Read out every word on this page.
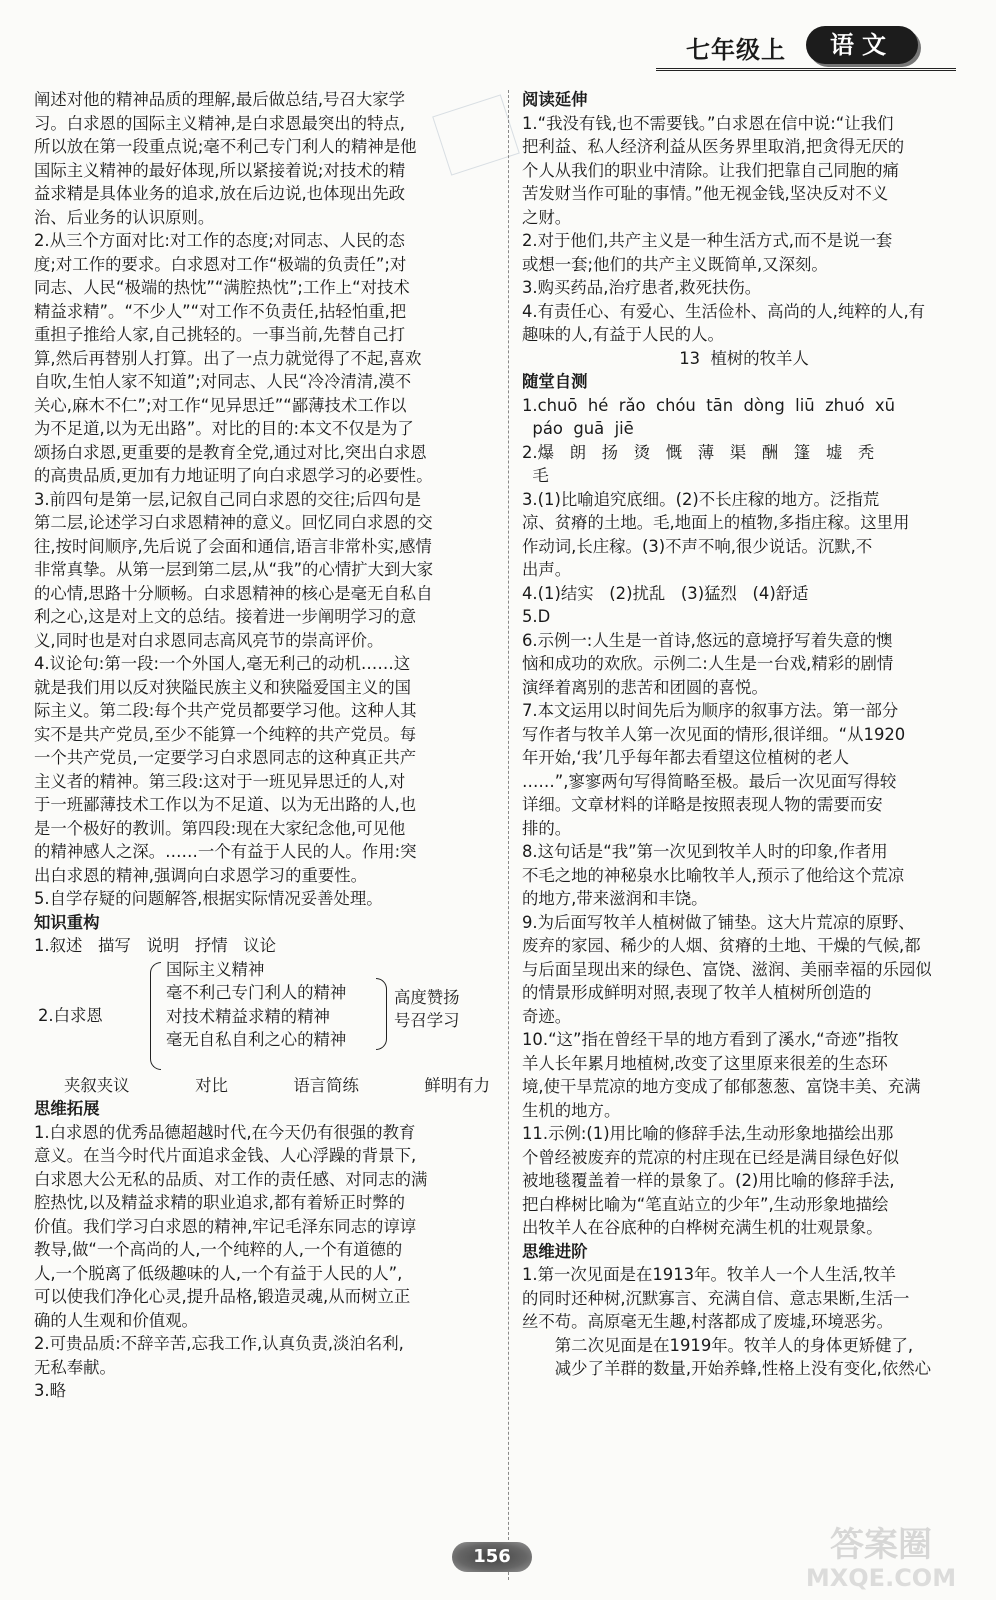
七年级上	语文

阐述对他的精神品质的理解,最后做总结,号召大家学

习。白求恩的国际主义精神,是白求恩最突出的特点,

所以放在第一段重点说;毫不利己专门利人的精神是他

国际主义精神的最好体现,所以紧接着说;对技术的精

益求精是具体业务的追求,放在后边说,也体现出先政

治、后业务的认识原则。

2.从三个方面对比:对工作的态度;对同志、人民的态

度;对工作的要求。白求恩对工作“极端的负责任”;对

同志、人民“极端的热忱”“满腔热忱”;工作上“对技术

精益求精”。“不少人”“对工作不负责任,拈轻怕重,把

重担子推给人家,自己挑轻的。一事当前,先替自己打

算,然后再替别人打算。出了一点力就觉得了不起,喜欢

自吹,生怕人家不知道”;对同志、人民“冷冷清清,漠不

关心,麻木不仁”;对工作“见异思迁”“鄙薄技术工作以

为不足道,以为无出路”。对比的目的:本文不仅是为了

颂扬白求恩,更重要的是教育全党,通过对比,突出白求恩

的高贵品质,更加有力地证明了向白求恩学习的必要性。

3.前四句是第一层,记叙自己同白求恩的交往;后四句是

第二层,论述学习白求恩精神的意义。回忆同白求恩的交

往,按时间顺序,先后说了会面和通信,语言非常朴实,感情

非常真挚。从第一层到第二层,从“我”的心情扩大到大家

的心情,思路十分顺畅。白求恩精神的核心是毫无自私自

利之心,这是对上文的总结。接着进一步阐明学习的意

义,同时也是对白求恩同志高风亮节的崇高评价。

4.议论句:第一段:一个外国人,毫无利己的动机……这

就是我们用以反对狭隘民族主义和狭隘爱国主义的国

际主义。第二段:每个共产党员都要学习他。这种人其

实不是共产党员,至少不能算一个纯粹的共产党员。每

一个共产党员,一定要学习白求恩同志的这种真正共产

主义者的精神。第三段:这对于一班见异思迁的人,对

于一班鄙薄技术工作以为不足道、以为无出路的人,也

是一个极好的教训。第四段:现在大家纪念他,可见他

的精神感人之深。……一个有益于人民的人。作用:突

出白求恩的精神,强调向白求恩学习的重要性。

5.自学存疑的问题解答,根据实际情况妥善处理。

知识重构

1.叙述   描写   说明   抒情   议论

2.白求恩
国际主义精神
毫不利己专门利人的精神
对技术精益求精的精神
毫无自私自利之心的精神
高度赞扬
号召学习

夹叙夹议	对比	语言简练	鲜明有力

思维拓展

1.白求恩的优秀品德超越时代,在今天仍有很强的教育

意义。在当今时代片面追求金钱、人心浮躁的背景下,

白求恩大公无私的品质、对工作的责任感、对同志的满

腔热忱,以及精益求精的职业追求,都有着矫正时弊的

价值。我们学习白求恩的精神,牢记毛泽东同志的谆谆

教导,做“一个高尚的人,一个纯粹的人,一个有道德的

人,一个脱离了低级趣味的人,一个有益于人民的人”,

可以使我们净化心灵,提升品格,锻造灵魂,从而树立正

确的人生观和价值观。

2.可贵品质:不辞辛苦,忘我工作,认真负责,淡泊名利,

无私奉献。

3.略

阅读延伸

1.“我没有钱,也不需要钱。”白求恩在信中说:“让我们

把利益、私人经济利益从医务界里取消,把贪得无厌的

个人从我们的职业中清除。让我们把靠自己同胞的痛

苦发财当作可耻的事情。”他无视金钱,坚决反对不义

之财。

2.对于他们,共产主义是一种生活方式,而不是说一套

或想一套;他们的共产主义既简单,又深刻。

3.购买药品,治疗患者,救死扶伤。

4.有责任心、有爱心、生活俭朴、高尚的人,纯粹的人,有

趣味的人,有益于人民的人。

13  植树的牧羊人

随堂自测

1.chuō  hé  rǎo  chóu  tān  dòng  liū  zhuó  xū

páo  guā  jiē

2.爆   朗   扬   烫   慨   薄   渠   酬   篷   墟   秃

毛

3.(1)比喻追究底细。(2)不长庄稼的地方。泛指荒

凉、贫瘠的土地。毛,地面上的植物,多指庄稼。这里用

作动词,长庄稼。(3)不声不响,很少说话。沉默,不

出声。

4.(1)结实   (2)扰乱   (3)猛烈   (4)舒适

5.D

6.示例一:人生是一首诗,悠远的意境抒写着失意的懊

恼和成功的欢欣。示例二:人生是一台戏,精彩的剧情

演绎着离别的悲苦和团圆的喜悦。

7.本文运用以时间先后为顺序的叙事方法。第一部分

写作者与牧羊人第一次见面的情形,很详细。“从1920

年开始,‘我’几乎每年都去看望这位植树的老人

……”,寥寥两句写得简略至极。最后一次见面写得较

详细。文章材料的详略是按照表现人物的需要而安

排的。

8.这句话是“我”第一次见到牧羊人时的印象,作者用

不毛之地的神秘泉水比喻牧羊人,预示了他给这个荒凉

的地方,带来滋润和丰饶。

9.为后面写牧羊人植树做了铺垫。这大片荒凉的原野、

废弃的家园、稀少的人烟、贫瘠的土地、干燥的气候,都

与后面呈现出来的绿色、富饶、滋润、美丽幸福的乐园似

的情景形成鲜明对照,表现了牧羊人植树所创造的

奇迹。

10.“这”指在曾经干旱的地方看到了溪水,“奇迹”指牧

羊人长年累月地植树,改变了这里原来很差的生态环

境,使干旱荒凉的地方变成了郁郁葱葱、富饶丰美、充满

生机的地方。

11.示例:(1)用比喻的修辞手法,生动形象地描绘出那

个曾经被废弃的荒凉的村庄现在已经是满目绿色好似

被地毯覆盖着一样的景象了。(2)用比喻的修辞手法,

把白桦树比喻为“笔直站立的少年”,生动形象地描绘

出牧羊人在谷底种的白桦树充满生机的壮观景象。

思维进阶

1.第一次见面是在1913年。牧羊人一个人生活,牧羊

的同时还种树,沉默寡言、充满自信、意志果断,生活一

丝不苟。高原毫无生趣,村落都成了废墟,环境恶劣。

第二次见面是在1919年。牧羊人的身体更矫健了,

减少了羊群的数量,开始养蜂,性格上没有变化,依然心

156	答案圈
MXQE.COM
